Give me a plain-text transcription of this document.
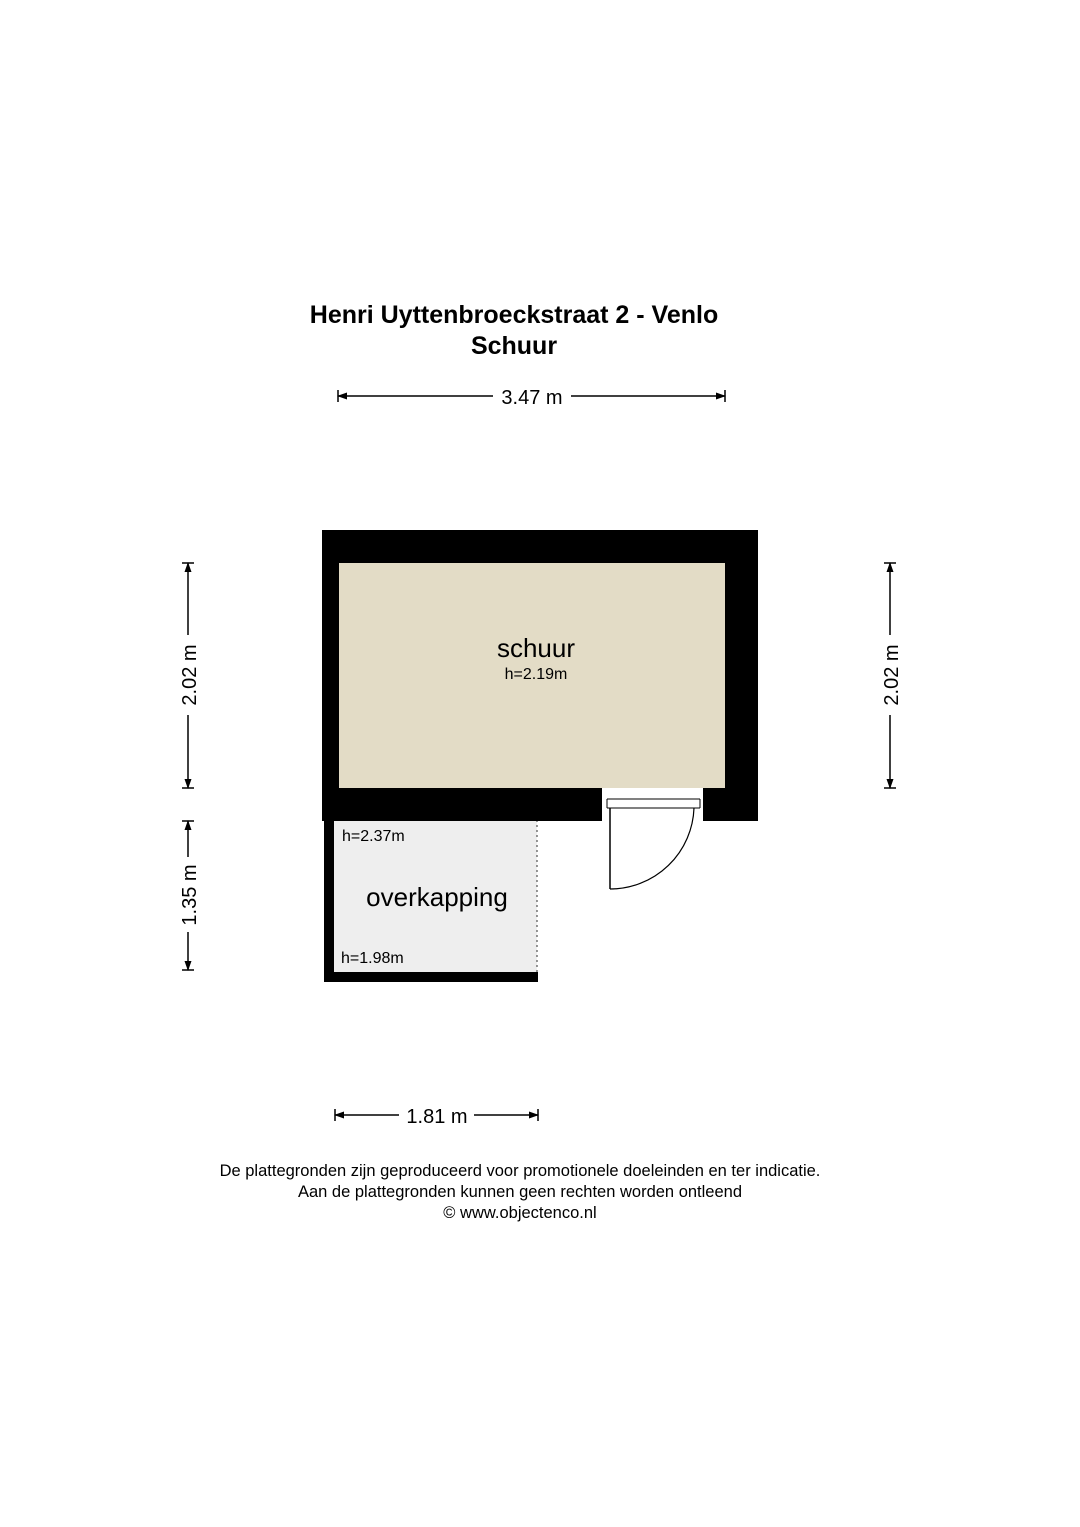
Henri Uyttenbroeckstraat 2 - Venlo
Schuur
3.47 m
2.02 m	2.02 m
1.35 m
1.81 m
h=2.37m
overkapping
h=1.98m
schuur
h=2.19m
De plattegronden zijn geproduceerd voor promotionele doeleinden en ter indicatie.
Aan de plattegronden kunnen geen rechten worden ontleend
© www.objectenco.nl
